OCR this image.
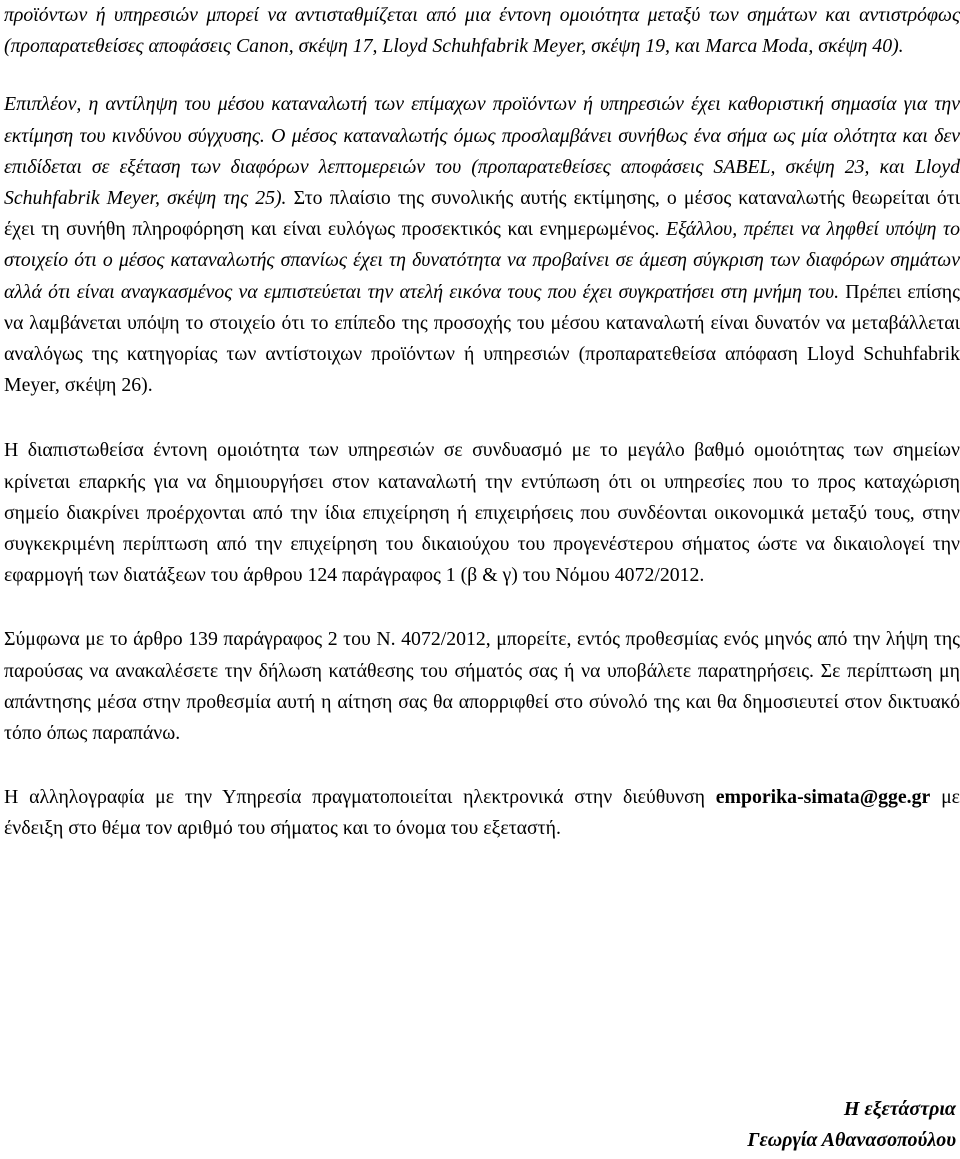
προϊόντων ή υπηρεσιών μπορεί να αντισταθμίζεται από μια έντονη ομοιότητα μεταξύ των σημάτων και αντιστρόφως (προπαρατεθείσες αποφάσεις Canon, σκέψη 17, Lloyd Schuhfabrik Meyer, σκέψη 19, και Marca Moda, σκέψη 40).

Επιπλέον, η αντίληψη του μέσου καταναλωτή των επίμαχων προϊόντων ή υπηρεσιών έχει καθοριστική σημασία για την εκτίμηση του κινδύνου σύγχυσης. Ο μέσος καταναλωτής όμως προσλαμβάνει συνήθως ένα σήμα ως μία ολότητα και δεν επιδίδεται σε εξέταση των διαφόρων λεπτομερειών του (προπαρατεθείσες αποφάσεις SABEL, σκέψη 23, και Lloyd Schuhfabrik Meyer, σκέψη της 25). Στο πλαίσιο της συνολικής αυτής εκτίμησης, ο μέσος καταναλωτής θεωρείται ότι έχει τη συνήθη πληροφόρηση και είναι ευλόγως προσεκτικός και ενημερωμένος. Εξάλλου, πρέπει να ληφθεί υπόψη το στοιχείο ότι ο μέσος καταναλωτής σπανίως έχει τη δυνατότητα να προβαίνει σε άμεση σύγκριση των διαφόρων σημάτων αλλά ότι είναι αναγκασμένος να εμπιστεύεται την ατελή εικόνα τους που έχει συγκρατήσει στη μνήμη του. Πρέπει επίσης να λαμβάνεται υπόψη το στοιχείο ότι το επίπεδο της προσοχής του μέσου καταναλωτή είναι δυνατόν να μεταβάλλεται αναλόγως της κατηγορίας των αντίστοιχων προϊόντων ή υπηρεσιών (προπαρατεθείσα απόφαση Lloyd Schuhfabrik Meyer, σκέψη 26).

Η διαπιστωθείσα έντονη ομοιότητα των υπηρεσιών σε συνδυασμό με το μεγάλο βαθμό ομοιότητας των σημείων κρίνεται επαρκής για να δημιουργήσει στον καταναλωτή την εντύπωση ότι οι υπηρεσίες που το προς καταχώριση σημείο διακρίνει προέρχονται από την ίδια επιχείρηση ή επιχειρήσεις που συνδέονται οικονομικά μεταξύ τους, στην συγκεκριμένη περίπτωση από την επιχείρηση του δικαιούχου του προγενέστερου σήματος ώστε να δικαιολογεί την εφαρμογή των διατάξεων του άρθρου 124 παράγραφος 1 (β & γ) του Νόμου 4072/2012.

Σύμφωνα με το άρθρο 139 παράγραφος 2 του Ν. 4072/2012, μπορείτε, εντός προθεσμίας ενός μηνός από την λήψη της παρούσας να ανακαλέσετε την δήλωση κατάθεσης του σήματός σας ή να υποβάλετε παρατηρήσεις. Σε περίπτωση μη απάντησης μέσα στην προθεσμία αυτή η αίτηση σας θα απορριφθεί στο σύνολό της και θα δημοσιευτεί στον δικτυακό τόπο όπως παραπάνω.

Η αλληλογραφία με την Υπηρεσία πραγματοποιείται ηλεκτρονικά στην διεύθυνση emporika-simata@gge.gr με ένδειξη στο θέμα τον αριθμό του σήματος και το όνομα του εξεταστή.

Η εξετάστρια
Γεωργία Αθανασοπούλου
